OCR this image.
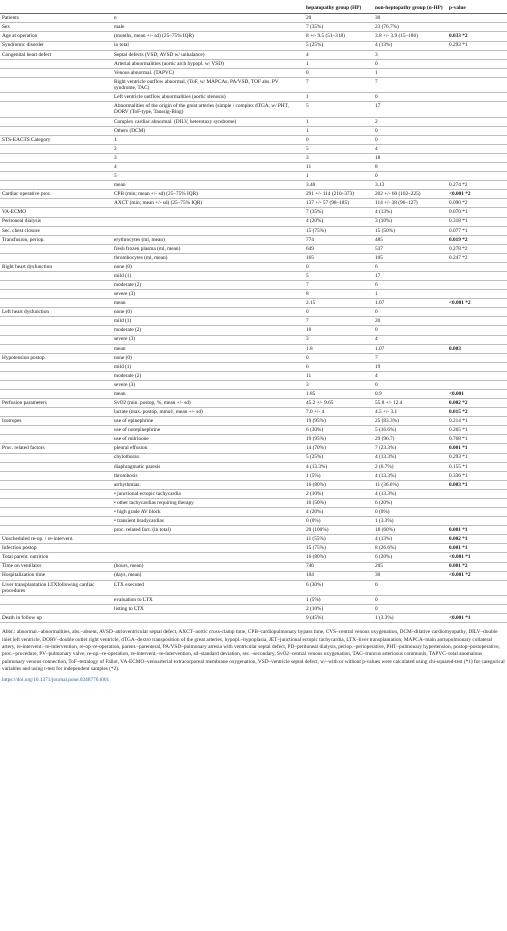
		hepatopathy group (HP)	non-heptopathy group (n-HP)	p-value
Patients	n	20	30	
Sex	male	7 (35%)	23 (76.7%)	
Age at operation	(months, mean +/- sd) (25–75% IQR)	8 +/- 9.5 (51–318)	3.8 +/- 3.9 (15–186)	0.033 *2
Syndromic disorder	in total	5 (25%)	4 (13%)	0.293 *1
Congenital heart defect	Septal defects (VSD, AVSD w/ unbalance)	4	3	
	Arterial abnormalities (aortic arch hypopl. w/ VSD)	1	0	
	Venous abnormal. (TAPVC)	0	1	
	Right ventricle outflow abnormal. (ToF, w/ MAPCAs, PA/VSD, TOF abs. PV syndrome, TAC)	7	7	
	Left ventricle outflow abnormalities (aortic stenosis)	1	0	
	Abnormalities of the origin of the great arteries (simple / complex dTGA, w/ PHT, DORV (ToF-type, Taussig-Bing)	5	17	
	Complex cardiac abnormal. (DILV, heterotaxy syndrome)	1	2	
	Others (DCM)	1	0	
STS-EACTS Category	1	0	0	
	2	5	4	
	3	3	18	
	4	11	8	
	5	1	0	
	mean	3.40	3.13	0.274 *2
Cardiac operative proc.	CPB (min; mean +/- sd) (25–75% IQR)	291 +/- 114 (210–373)	202 +/- 60 (162–225)	<0.001 *2
	AXCT (min; mean +/- sd) (25–75% IQR)	137 +/- 57 (98–185)	114 +/- 38 (96–127)	0.090 *2
VA-ECMO		7 (35%)	4 (13%)	0.070 *1
Peritoneal dialysis		4 (20%)	3 (10%)	0.318 *1
Sec. chest closure		15 (75%)	15 (50%)	0.077 *1
Transfusion, periop.	erythrocytes (ml, mean)	774	485	0.019 *2
	fresh frozen plasma (ml, mean)	649	537	0.278 *2
	thrombocytes (ml, mean)	165	105	0.247 *2
Right heart dysfunction	none (0)	0	6	
	mild (1)	5	17	
	moderate (2)	7	6	
	severe (3)	8	1	
	mean	2.15	1.07	<0.001 *2
Left heart dysfunction	none (0)	0	6	
	mild (1)	7	20	
	moderate (2)	10	0	
	severe (3)	3	4	
	mean	1.8	1.07	0.003
Hypotension postop.	none (0)	0	7	
	mild (1)	6	19	
	moderate (2)	11	4	
	severe (3)	3	0	
	mean	1.85	0.9	<0.001
Perfusion parameters	SvO2 (min. postop, %, mean +/- sd)	45.2 +/- 9.65	55.8 +/- 12.4	0.002 *2
	lactate (max. postop, mmol/, mean +/- sd)	7.0 +/- 4	4.5 +/- 3.1	0.015 *2
Isotropes	use of epinephrine	19 (95%)	25 (83.3%)	0.214 *1
	use of norepinephrine	6 (30%)	5 (16.6%)	0.265 *1
	use of milrinone	19 (95%)	29 (96.7)	0.768 *1
Proc. related factors	pleural effusion	14 (70%)	7 (23.3%)	0.001 *1
	chylothorax	5 (25%)	4 (13.3%)	0.293 *1
	diaphragmatic paresis	4 (13.3%)	2 (6.7%)	0.155 *1
	thrombosis	1 (5%)	4 (13.3%)	0.336 *1
	arrhythmias:	16 (80%)	11 (36.6%)	0.003 *1
	• junctional ectopic tachycardia	2 (10%)	4 (13.3%)	
	• other tachycardias requiring therapy	10 (50%)	6 (20%)	
	• high grade AV block	4 (20%)	0 (0%)	
	• transient bradycardias	0 (0%)	1 (3.3%)	
	proc. related fact. (in total)	20 (100%)	18 (60%)	0.001 *1
Unscheduled re-op. / re-intervent.		11 (55%)	4 (13%)	0.002 *1
Infection postop		15 (75%)	8 (26.6%)	0.001 *1
Total parent. nutrition		16 (80%)	6 (20%)	<0.001 *1
Time on ventilator	(hours, mean)	746	205	0.001 *2
Hospitalization time	(days, mean)	104	30	<0.001 *2
Liver transplantation LTXfollowing cardiac procedures	LTX executed	6 (30%)	0	
	evaluation to LTX	1 (5%)	0	
	listing to LTX	2 (10%)	0	
Death in follow up		9 (45%)	1 (3.3%)	<0.001 *1
Abbr.: abnormal.–abnormalities, abs.–absent, AVSD–atrioventricular septal defect, AXCT–aortic cross-clamp time, CPB–cardiopulmonary bypass time, CVS–central venous oxygenation, DCM–dilative cardiomyopathy, DILV–double inlet left ventricle, DORV–double outlet right ventricle, dTGA–dextro transposition of the great arteries, hypopl.–hypoplasia, JET–junctional ectopic tachycardia, LTX–liver transplantation, MAPCA–main aortopulmonary collateral artery, re-intervent.–re-intervention, re-op–re-operation, parent.–parenteral, PA/VSD–pulmonary atresia with ventricular septal defect, PD–peritoneal dialysis, periop.–perioperative, PHT–pulmonary hypertension, postop–postoperative, proc.–procedure, PV–pulmonary valve, re-op.–re-operation, re-intervent.–re-intervention, sd–standard deviation, sec.–secondary, SvO2–central venous oxygenation, TAC–truncus arteriosus communis, TAPVC–total anomalous pulmonary venous connection, ToF–tetralogy of Fallot, VA-ECMO–venoarterial extracorporeal membrane oxygenation, VSD–ventricle septal defect, w/–with or without p-values were calculated using chi-squared-test (*1) for categorical variables and using t-test for independent samples (*2).
https://doi.org/10.1371/journal.pone.0248776.t001
